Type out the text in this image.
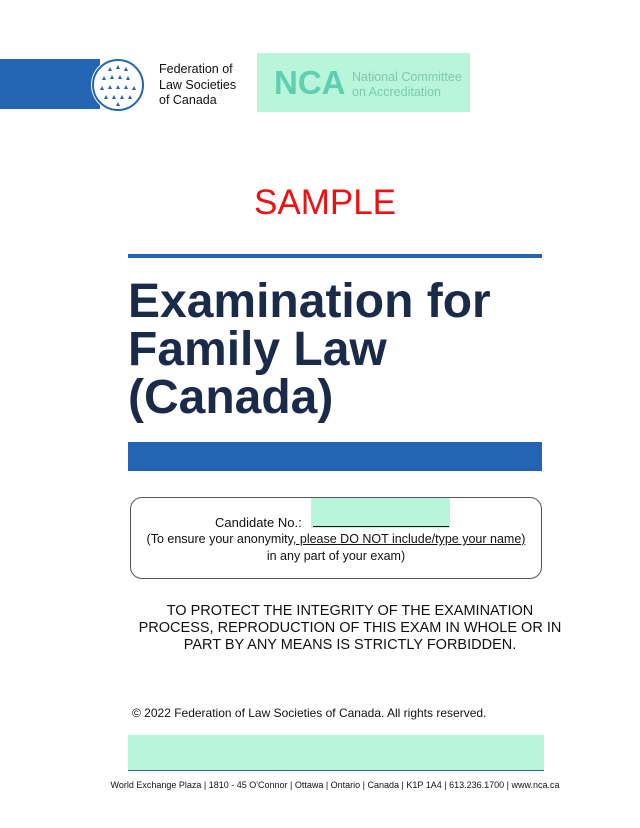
Federation of
Law Societies
of Canada	NCA National Committee
on Accreditation
SAMPLE
Examination for
Family Law
(Canada)
Candidate No.:
(To ensure your anonymity, please DO NOT include/type your name) in any part of your exam)
TO PROTECT THE INTEGRITY OF THE EXAMINATION
PROCESS, REPRODUCTION OF THIS EXAM IN WHOLE OR IN
PART BY ANY MEANS IS STRICTLY FORBIDDEN.
© 2022 Federation of Law Societies of Canada. All rights reserved.
World Exchange Plaza | 1810 - 45 O'Connor | Ottawa | Ontario | Canada | K1P 1A4 | 613.236.1700 | www.nca.ca
